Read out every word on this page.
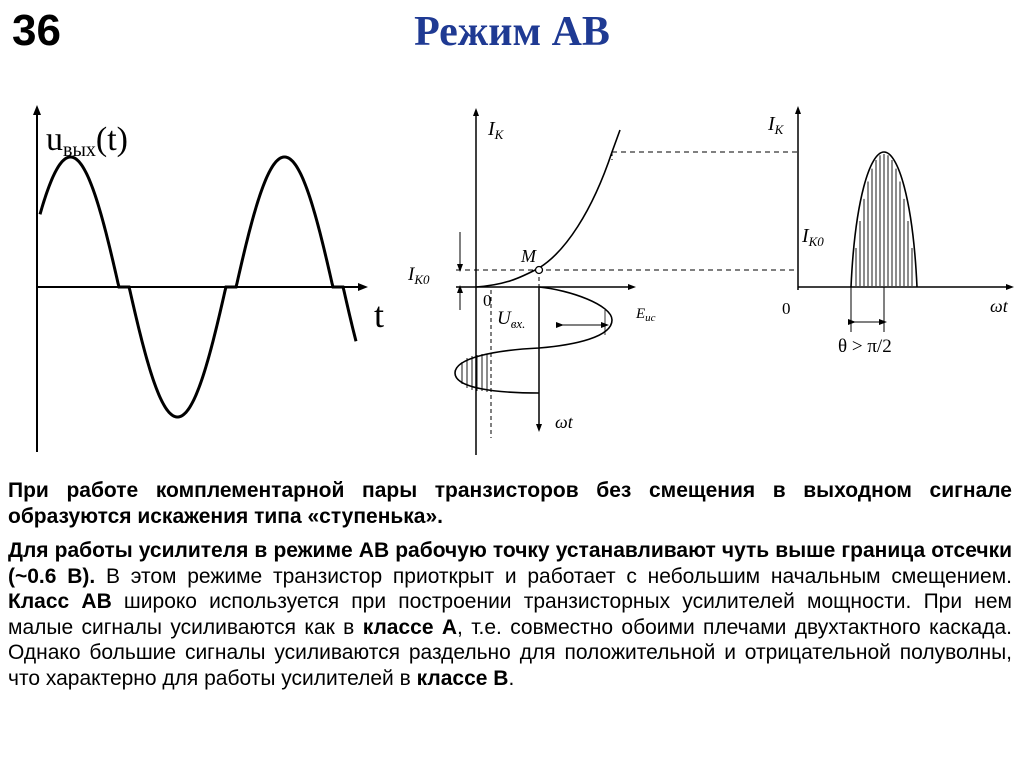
36	Режим АВ
uвых(t)
t
$I_К$
$I_{К0}$
M
0
$E_{ис}$
$U_{вх.}$
ωt
$I_К$
$I_{К0}$
0	ωt
θ > π/2

При работе комплементарной пары транзисторов без смещения в выходном сигнале образуются искажения типа «ступенька».

Для работы усилителя в режиме АВ рабочую точку устанавливают чуть выше граница отсечки (~0.6 В). В этом режиме транзистор приоткрыт и работает с небольшим начальным смещением. Класс АВ широко используется при построении транзисторных усилителей мощности. При нем малые сигналы усиливаются как в классе А, т.е. совместно обоими плечами двухтактного каскада. Однако большие сигналы усиливаются раздельно для положительной и отрицательной полуволны, что характерно для работы усилителей в классе В.
